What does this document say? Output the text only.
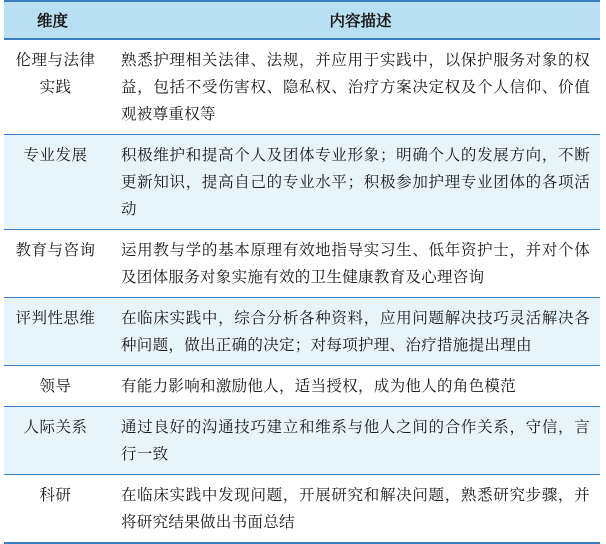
维度	内容描述
伦理与法律实践	熟悉护理相关法律、法规，并应用于实践中，以保护服务对象的权益，包括不受伤害权、隐私权、治疗方案决定权及个人信仰、价值观被尊重权等
专业发展	积极维护和提高个人及团体专业形象；明确个人的发展方向，不断更新知识，提高自己的专业水平；积极参加护理专业团体的各项活动
教育与咨询	运用教与学的基本原理有效地指导实习生、低年资护士，并对个体及团体服务对象实施有效的卫生健康教育及心理咨询
评判性思维	在临床实践中，综合分析各种资料，应用问题解决技巧灵活解决各种问题，做出正确的决定；对每项护理、治疗措施提出理由
领导	有能力影响和激励他人，适当授权，成为他人的角色模范
人际关系	通过良好的沟通技巧建立和维系与他人之间的合作关系，守信，言行一致
科研	在临床实践中发现问题，开展研究和解决问题，熟悉研究步骤，并将研究结果做出书面总结
